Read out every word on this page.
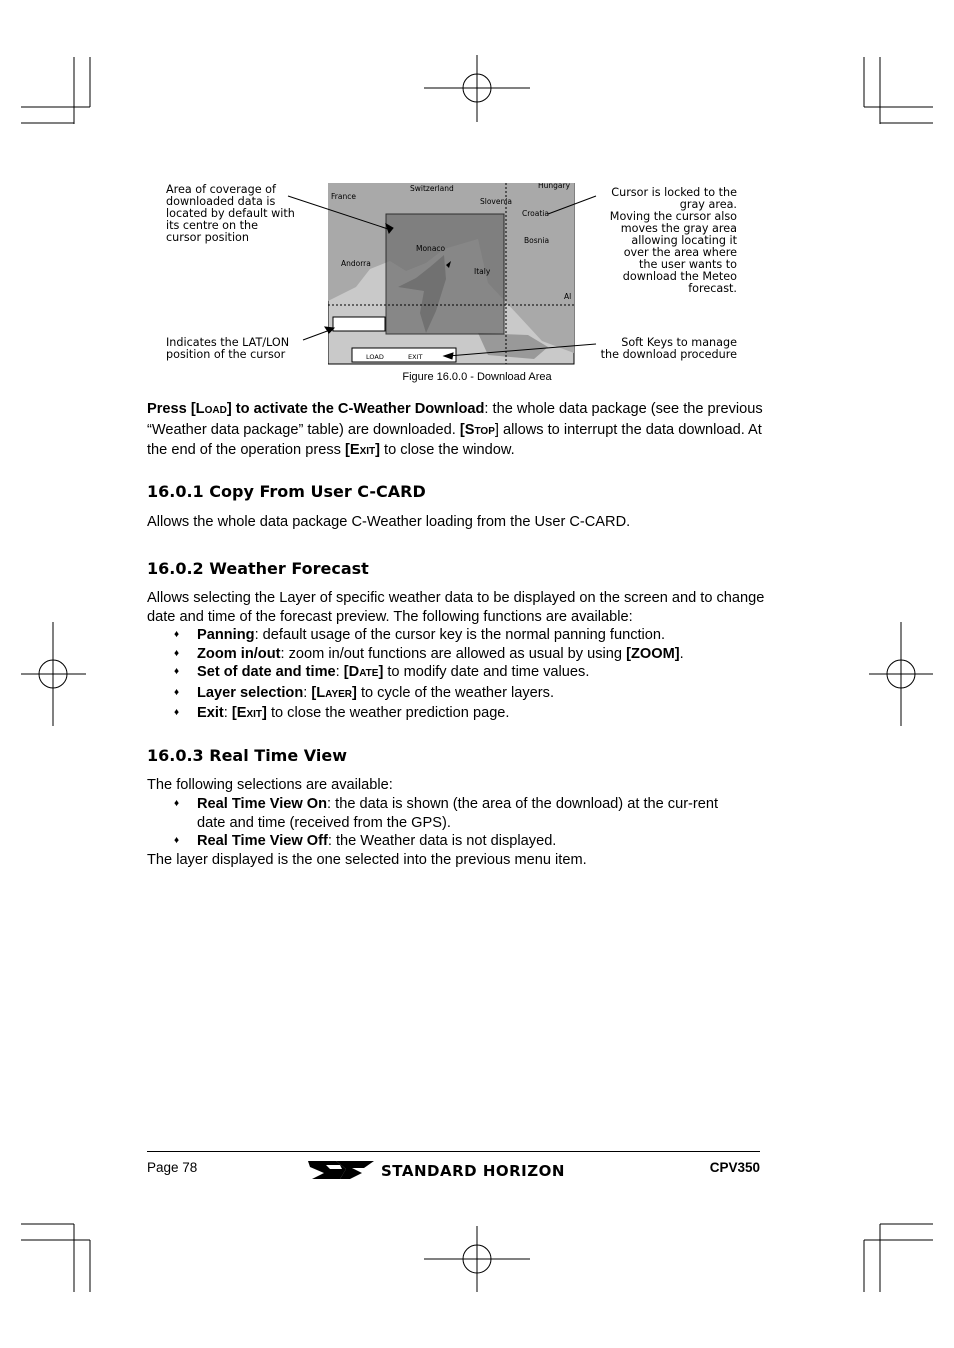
France
Switzerland	Hungary
Slovenia
Croatia
Bosnia
Monaco
Andorra
Italy
Al
LOAD	EXIT
Area of coverage of
downloaded data is
located by default with
its centre on the
cursor position
Cursor is locked to the
gray area.
Moving the cursor also
moves the gray area
allowing locating it
over the area where
the user wants to
download the Meteo
forecast.
Indicates the LAT/LON
position of the cursor
Soft Keys to manage
the download procedure
Figure 16.0.0 - Download Area
Press [LOAD] to activate the C-Weather Download: the whole data package (see the previous “Weather data package” table) are downloaded. [STOP] allows to interrupt the data download. At the end of the operation press [EXIT] to close the window.
16.0.1 Copy From User C-CARD
Allows the whole data package C-Weather loading from the User C-CARD.
16.0.2 Weather Forecast
Allows selecting the Layer of specific weather data to be displayed on the screen and to change date and time of the forecast preview. The following functions are available:
♦ Panning: default usage of the cursor key is the normal panning function.
♦ Zoom in/out: zoom in/out functions are allowed as usual by using [ZOOM].
♦ Set of date and time: [DATE] to modify date and time values.
♦ Layer selection: [LAYER] to cycle of the weather layers.
♦ Exit: [EXIT] to close the weather prediction page.
16.0.3 Real Time View
The following selections are available:
♦ Real Time View On: the data is shown (the area of the download) at the cur-rent date and time (received from the GPS).
♦ Real Time View Off: the Weather data is not displayed.
The layer displayed is the one selected into the previous menu item.
Page 78	STANDARD HORIZON	CPV350
